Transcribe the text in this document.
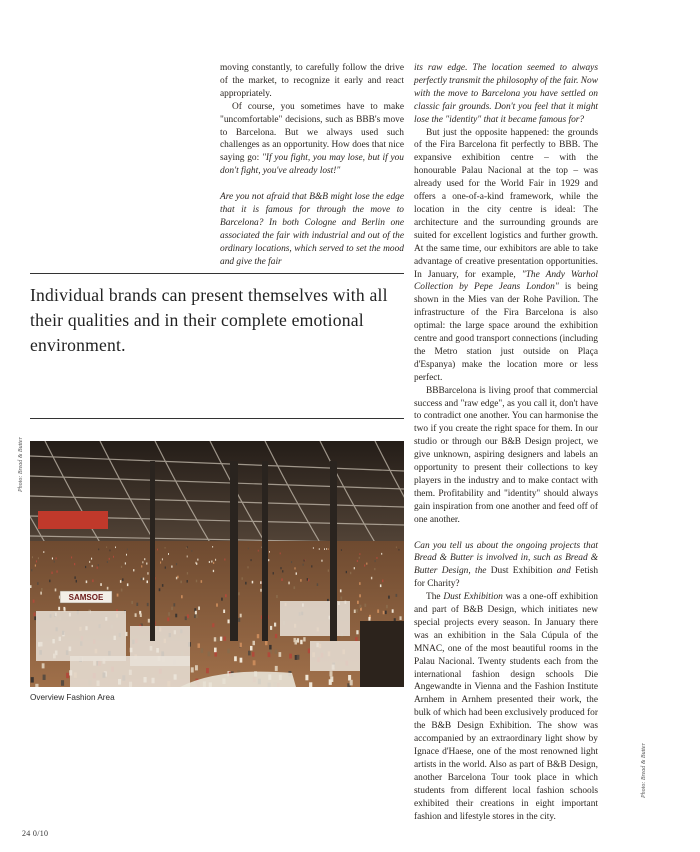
moving constantly, to carefully follow the drive of the market, to recognize it early and react appropriately.

Of course, you sometimes have to make "uncomfortable" decisions, such as BBB's move to Barcelona. But we always used such challenges as an opportunity. How does that nice saying go: "If you fight, you may lose, but if you don't fight, you've already lost!"

Are you not afraid that B&B might lose the edge that it is famous for through the move to Barcelona? In both Cologne and Berlin one associated the fair with industrial and out of the ordinary locations, which served to set the mood and give the fair

its raw edge. The location seemed to always perfectly transmit the philosophy of the fair. Now with the move to Barcelona you have settled on classic fair grounds. Don't you feel that it might lose the "identity" that it became famous for?

But just the opposite happened: the grounds of the Fira Barcelona fit perfectly to BBB. The expansive exhibition centre – with the honourable Palau Nacional at the top – was already used for the World Fair in 1929 and offers a one-of-a-kind framework, while the location in the city centre is ideal: The architecture and the surrounding grounds are suited for excellent logistics and further growth. At the same time, our exhibitors are able to take advantage of creative presentation opportunities. In January, for example, "The Andy Warhol Collection by Pepe Jeans London" is being shown in the Mies van der Rohe Pavilion. The infrastructure of the Fira Barcelona is also optimal: the large space around the exhibition centre and good transport connections (including the Metro station just outside on Plaça d'Espanya) make the location more or less perfect.

BBBarcelona is living proof that commercial success and "raw edge", as you call it, don't have to contradict one another. You can harmonise the two if you create the right space for them. In our studio or through our B&B Design project, we give unknown, aspiring designers and labels an opportunity to present their collections to key players in the industry and to make contact with them. Profitability and "identity" should always gain inspiration from one another and feed off of one another.

Can you tell us about the ongoing projects that Bread & Butter is involved in, such as Bread & Butter Design, the Dust Exhibition and Fetish for Charity?

The Dust Exhibition was a one-off exhibition and part of B&B Design, which initiates new special projects every season. In January there was an exhibition in the Sala Cúpula of the MNAC, one of the most beautiful rooms in the Palau Nacional. Twenty students each from the international fashion design schools Die Angewandte in Vienna and the Fashion Institute Arnhem in Arnhem presented their work, the bulk of which had been exclusively produced for the B&B Design Exhibition. The show was accompanied by an extraordinary light show by Ignace d'Haese, one of the most renowned light artists in the world. Also as part of B&B Design, another Barcelona Tour took place in which students from different local fashion schools exhibited their creations in eight important fashion and lifestyle stores in the city.

Individual brands can present themselves with all their qualities and in their complete emotional environment.
Photo: Bread & Butter
SAMSOE
Overview Fashion Area
Photo: Bread & Butter
24 0/10
